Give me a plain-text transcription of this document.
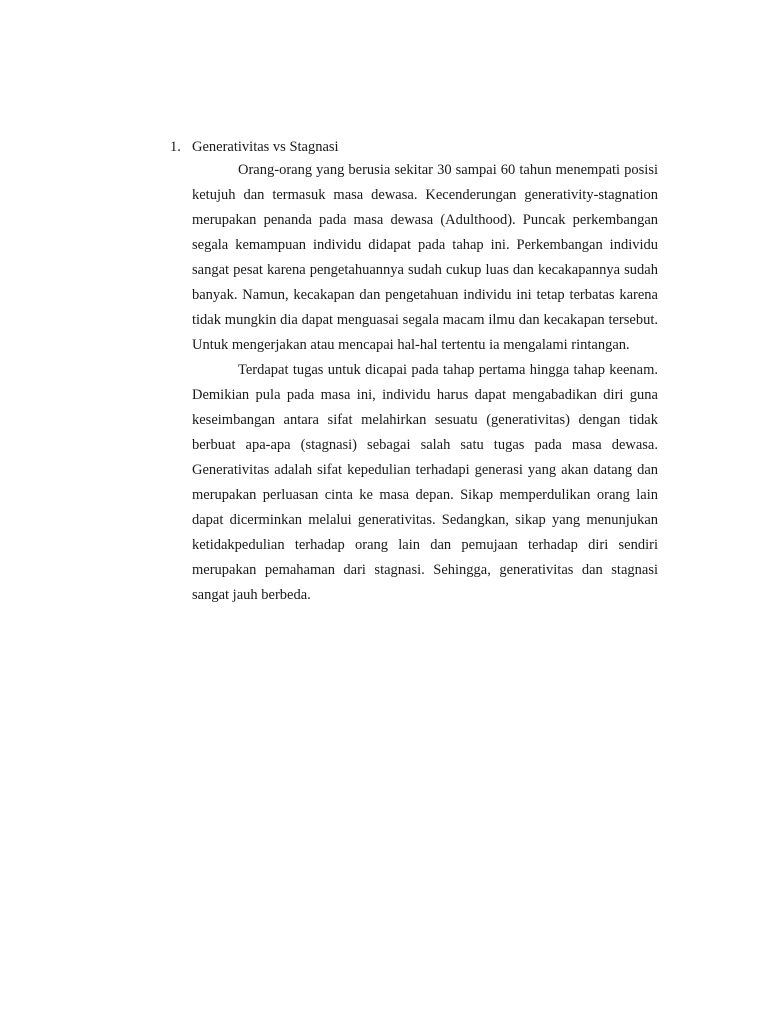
1. Generativitas vs Stagnasi

Orang-orang yang berusia sekitar 30 sampai 60 tahun menempati posisi ketujuh dan termasuk masa dewasa. Kecenderungan generativity-stagnation merupakan penanda pada masa dewasa (Adulthood). Puncak perkembangan segala kemampuan individu didapat pada tahap ini. Perkembangan individu sangat pesat karena pengetahuannya sudah cukup luas dan kecakapannya sudah banyak. Namun, kecakapan dan pengetahuan individu ini tetap terbatas karena tidak mungkin dia dapat menguasai segala macam ilmu dan kecakapan tersebut. Untuk mengerjakan atau mencapai hal-hal tertentu ia mengalami rintangan.

Terdapat tugas untuk dicapai pada tahap pertama hingga tahap keenam. Demikian pula pada masa ini, individu harus dapat mengabadikan diri guna keseimbangan antara sifat melahirkan sesuatu (generativitas) dengan tidak berbuat apa-apa (stagnasi) sebagai salah satu tugas pada masa dewasa. Generativitas adalah sifat kepedulian terhadapi generasi yang akan datang dan merupakan perluasan cinta ke masa depan. Sikap memperdulikan orang lain dapat dicerminkan melalui generativitas. Sedangkan, sikap yang menunjukan ketidakpedulian terhadap orang lain dan pemujaan terhadap diri sendiri merupakan pemahaman dari stagnasi. Sehingga, generativitas dan stagnasi sangat jauh berbeda.
